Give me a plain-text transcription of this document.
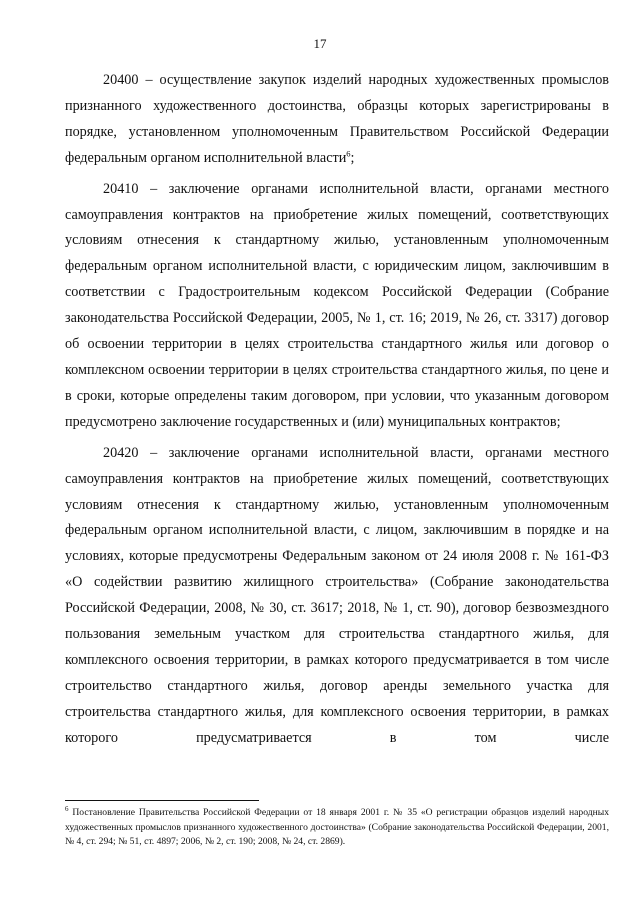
17

20400 – осуществление закупок изделий народных художественных промыслов признанного художественного достоинства, образцы которых зарегистрированы в порядке, установленном уполномоченным Правительством Российской Федерации федеральным органом исполнительной власти$^6$;

20410 – заключение органами исполнительной власти, органами местного самоуправления контрактов на приобретение жилых помещений, соответствующих условиям отнесения к стандартному жилью, установленным уполномоченным федеральным органом исполнительной власти, с юридическим лицом, заключившим в соответствии с Градостроительным кодексом Российской Федерации (Собрание законодательства Российской Федерации, 2005, № 1, ст. 16; 2019, № 26, ст. 3317) договор об освоении территории в целях строительства стандартного жилья или договор о комплексном освоении территории в целях строительства стандартного жилья, по цене и в сроки, которые определены таким договором, при условии, что указанным договором предусмотрено заключение государственных и (или) муниципальных контрактов;

20420 – заключение органами исполнительной власти, органами местного самоуправления контрактов на приобретение жилых помещений, соответствующих условиям отнесения к стандартному жилью, установленным уполномоченным федеральным органом исполнительной власти, с лицом, заключившим в порядке и на условиях, которые предусмотрены Федеральным законом от 24 июля 2008 г. № 161-ФЗ «О содействии развитию жилищного строительства» (Собрание законодательства Российской Федерации, 2008, № 30, ст. 3617; 2018, № 1, ст. 90), договор безвозмездного пользования земельным участком для строительства стандартного жилья, для комплексного освоения территории, в рамках которого предусматривается в том числе строительство стандартного жилья, договор аренды земельного участка для строительства стандартного жилья, для комплексного освоения территории, в рамках которого предусматривается в том числе

$^6$ Постановление Правительства Российской Федерации от 18 января 2001 г. № 35 «О регистрации образцов изделий народных художественных промыслов признанного художественного достоинства» (Собрание законодательства Российской Федерации, 2001, № 4, ст. 294; № 51, ст. 4897; 2006, № 2, ст. 190; 2008, № 24, ст. 2869).
